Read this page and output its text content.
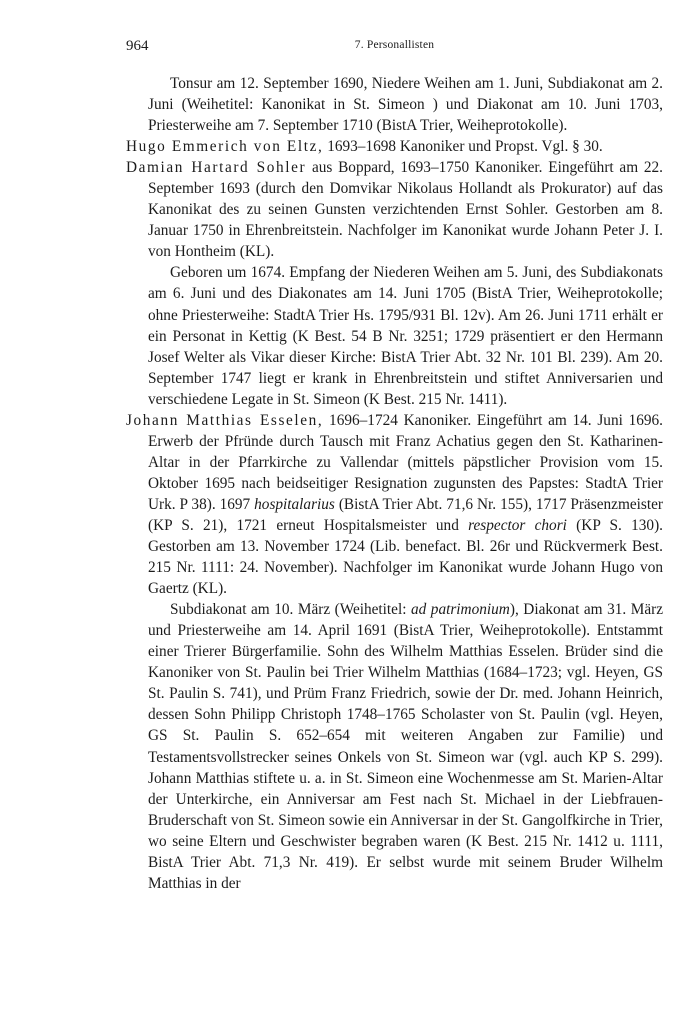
964	7. Personallisten

Tonsur am 12. September 1690, Niedere Weihen am 1. Juni, Subdiakonat am 2. Juni (Weihetitel: Kanonikat in St. Simeon ) und Diakonat am 10. Juni 1703, Priesterweihe am 7. September 1710 (BistA Trier, Weiheprotokolle).

Hugo Emmerich von Eltz, 1693–1698 Kanoniker und Propst. Vgl. § 30.

Damian Hartard Sohler aus Boppard, 1693–1750 Kanoniker. Eingeführt am 22. September 1693 (durch den Domvikar Nikolaus Hollandt als Prokurator) auf das Kanonikat des zu seinen Gunsten verzichtenden Ernst Sohler. Gestorben am 8. Januar 1750 in Ehrenbreitstein. Nachfolger im Kanonikat wurde Johann Peter J. I. von Hontheim (KL).

Geboren um 1674. Empfang der Niederen Weihen am 5. Juni, des Subdiakonats am 6. Juni und des Diakonates am 14. Juni 1705 (BistA Trier, Weiheprotokolle; ohne Priesterweihe: StadtA Trier Hs. 1795/931 Bl. 12v). Am 26. Juni 1711 erhält er ein Personat in Kettig (K Best. 54 B Nr. 3251; 1729 präsentiert er den Hermann Josef Welter als Vikar dieser Kirche: BistA Trier Abt. 32 Nr. 101 Bl. 239). Am 20. September 1747 liegt er krank in Ehrenbreitstein und stiftet Anniversarien und verschiedene Legate in St. Simeon (K Best. 215 Nr. 1411).

Johann Matthias Esselen, 1696–1724 Kanoniker. Eingeführt am 14. Juni 1696. Erwerb der Pfründe durch Tausch mit Franz Achatius gegen den St. Katharinen-Altar in der Pfarrkirche zu Vallendar (mittels päpstlicher Provision vom 15. Oktober 1695 nach beidseitiger Resignation zugunsten des Papstes: StadtA Trier Urk. P 38). 1697 hospitalarius (BistA Trier Abt. 71,6 Nr. 155), 1717 Präsenzmeister (KP S. 21), 1721 erneut Hospitalsmeister und respector chori (KP S. 130). Gestorben am 13. November 1724 (Lib. benefact. Bl. 26r und Rückvermerk Best. 215 Nr. 1111: 24. November). Nachfolger im Kanonikat wurde Johann Hugo von Gaertz (KL).

Subdiakonat am 10. März (Weihetitel: ad patrimonium), Diakonat am 31. März und Priesterweihe am 14. April 1691 (BistA Trier, Weiheprotokolle). Entstammt einer Trierer Bürgerfamilie. Sohn des Wilhelm Matthias Esselen. Brüder sind die Kanoniker von St. Paulin bei Trier Wilhelm Matthias (1684–1723; vgl. Heyen, GS St. Paulin S. 741), und Prüm Franz Friedrich, sowie der Dr. med. Johann Heinrich, dessen Sohn Philipp Christoph 1748–1765 Scholaster von St. Paulin (vgl. Heyen, GS St. Paulin S. 652–654 mit weiteren Angaben zur Familie) und Testamentsvollstrecker seines Onkels von St. Simeon war (vgl. auch KP S. 299). Johann Matthias stiftete u. a. in St. Simeon eine Wochenmesse am St. Marien-Altar der Unterkirche, ein Anniversar am Fest nach St. Michael in der Liebfrauen-Bruderschaft von St. Simeon sowie ein Anniversar in der St. Gangolfkirche in Trier, wo seine Eltern und Geschwister begraben waren (K Best. 215 Nr. 1412 u. 1111, BistA Trier Abt. 71,3 Nr. 419). Er selbst wurde mit seinem Bruder Wilhelm Matthias in der
